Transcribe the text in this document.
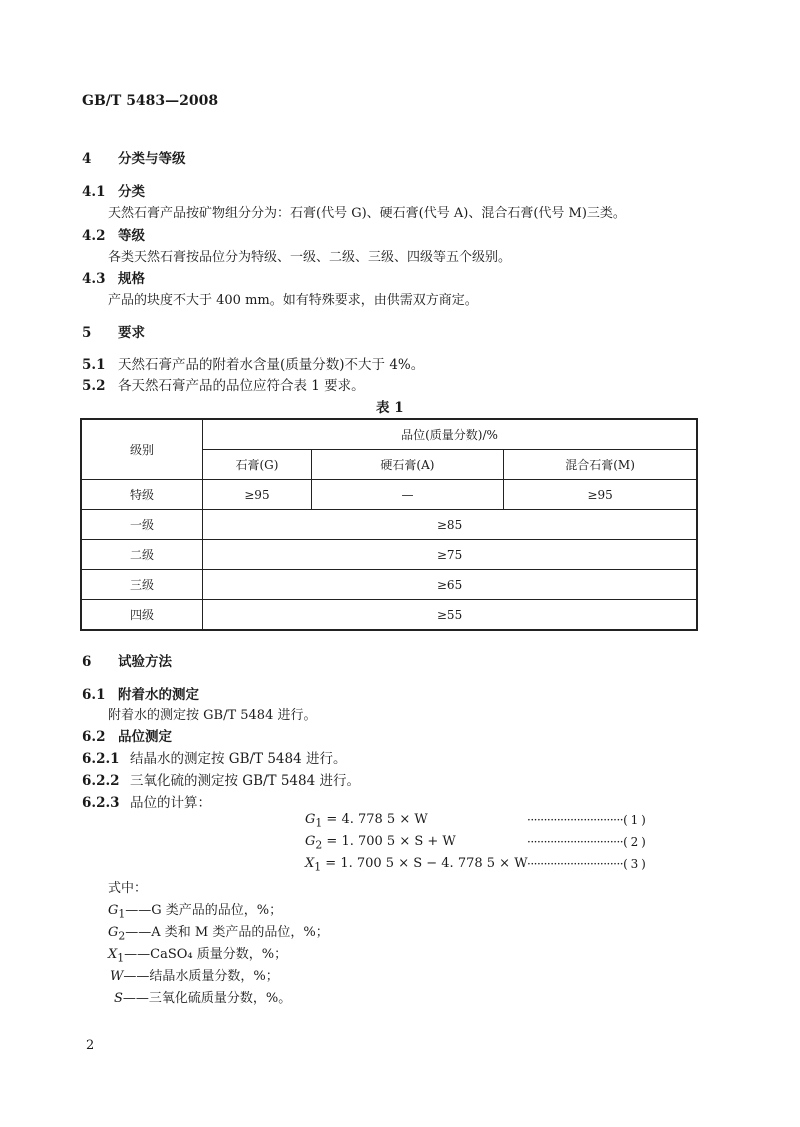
GB/T 5483—2008
4 分类与等级
4.1 分类
天然石膏产品按矿物组分分为：石膏(代号 G)、硬石膏(代号 A)、混合石膏(代号 M)三类。
4.2 等级
各类天然石膏按品位分为特级、一级、二级、三级、四级等五个级别。
4.3 规格
产品的块度不大于 400 mm。如有特殊要求，由供需双方商定。
5 要求
5.1 天然石膏产品的附着水含量(质量分数)不大于 4%。
5.2 各天然石膏产品的品位应符合表 1 要求。
表 1
级别	品位(质量分数)/%		
	石膏(G)	硬石膏(A)	混合石膏(M)
特级	≥95	—	≥95
一级	≥85		
二级	≥75		
三级	≥65		
四级	≥55		
6 试验方法
6.1 附着水的测定
附着水的测定按 GB/T 5484 进行。
6.2 品位测定
6.2.1 结晶水的测定按 GB/T 5484 进行。
6.2.2 三氧化硫的测定按 GB/T 5484 进行。
6.2.3 品位的计算：
$G_1 = 4$. 778 5 × W	·····························( 1 )
$G_2 = 1$. 700 5 × S + W	·····························( 2 )
$X_1 = 1$. 700 5 × S − 4. 778 5 × W ·····························( 3 )
式中：
$G_1——G$ 类产品的品位，%；
$G_2——A$ 类和 M 类产品的品位，%；
$X_1——CaSO_4$ 质量分数，%；
W——结晶水质量分数，%；
S——三氧化硫质量分数，%。
2
